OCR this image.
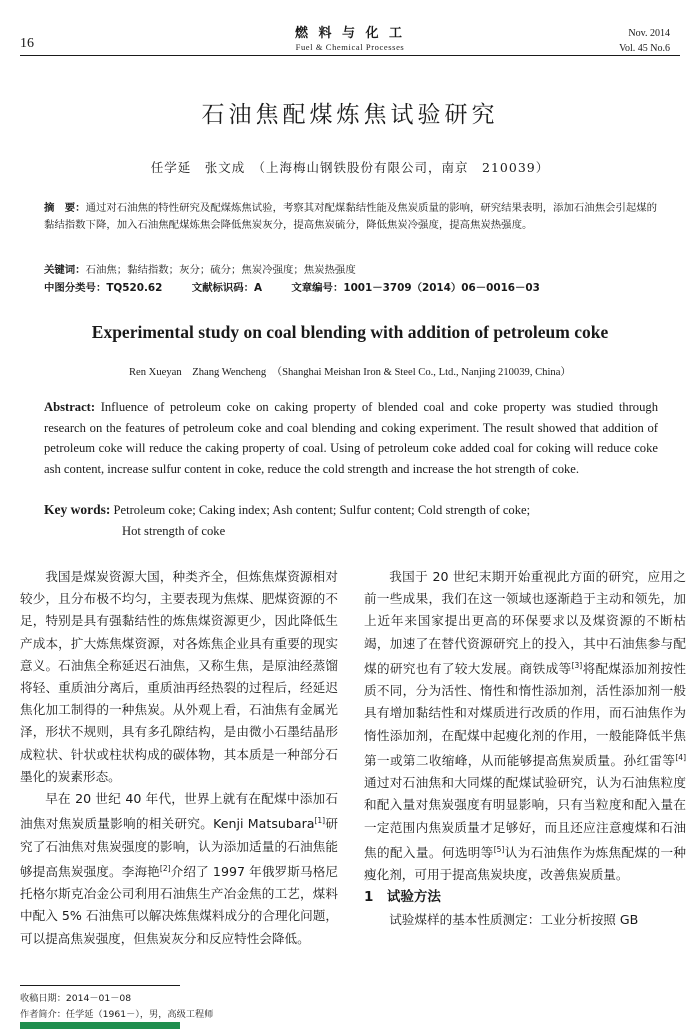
16
燃 料 与 化 工
Fuel & Chemical Processes
Nov. 2014
Vol. 45 No.6
石油焦配煤炼焦试验研究
任学延　张文成　（上海梅山钢铁股份有限公司，南京　210039）
摘　要：通过对石油焦的特性研究及配煤炼焦试验，考察其对配煤黏结性能及焦炭质量的影响，研究结果表明，添加石油焦会引起煤的黏结指数下降，加入石油焦配煤炼焦会降低焦炭灰分，提高焦炭硫分，降低焦炭冷强度，提高焦炭热强度。
关键词：石油焦；黏结指数；灰分；硫分；焦炭冷强度；焦炭热强度
中图分类号：TQ520.62	文献标识码：A	文章编号：1001－3709（2014）06－0016－03
Experimental study on coal blending with addition of petroleum coke
Ren Xueyan　Zhang Wencheng　（Shanghai Meishan Iron & Steel Co., Ltd., Nanjing 210039, China）
Abstract: Influence of petroleum coke on caking property of blended coal and coke property was studied through research on the features of petroleum coke and coal blending and coking experiment. The result showed that addition of petroleum coke will reduce the caking property of coal. Using of petroleum coke added coal for coking will reduce coke ash content, increase sulfur content in coke, reduce the cold strength and increase the hot strength of coke.
Key words: Petroleum coke; Caking index; Ash content; Sulfur content; Cold strength of coke;
Hot strength of coke

我国是煤炭资源大国，种类齐全，但炼焦煤资源相对较少，且分布极不均匀，主要表现为焦煤、肥煤资源的不足，特别是具有强黏结性的炼焦煤资源更少，因此降低生产成本，扩大炼焦煤资源，对各炼焦企业具有重要的现实意义。石油焦全称延迟石油焦，又称生焦，是原油经蒸馏将轻、重质油分离后，重质油再经热裂的过程后，经延迟焦化加工制得的一种焦炭。从外观上看，石油焦有金属光泽，形状不规则，具有多孔隙结构，是由微小石墨结晶形成粒状、针状或柱状构成的碳体物，其本质是一种部分石墨化的炭素形态。

早在 20 世纪 40 年代，世界上就有在配煤中添加石油焦对焦炭质量影响的相关研究。Kenji Matsubara[1]研究了石油焦对焦炭强度的影响，认为添加适量的石油焦能够提高焦炭强度。李海艳[2]介绍了 1997 年俄罗斯马格尼托格尔斯克冶金公司利用石油焦生产冶金焦的工艺，煤料中配入 5% 石油焦可以解决炼焦煤料成分的合理化问题，可以提高焦炭强度，但焦炭灰分和反应特性会降低。

我国于 20 世纪末期开始重视此方面的研究，应用之前一些成果，我们在这一领域也逐渐趋于主动和领先，加上近年来国家提出更高的环保要求以及煤资源的不断枯竭，加速了在替代资源研究上的投入，其中石油焦参与配煤的研究也有了较大发展。商铁成等[3]将配煤添加剂按性质不同，分为活性、惰性和惰性添加剂，活性添加剂一般具有增加黏结性和对煤质进行改质的作用，而石油焦作为惰性添加剂，在配煤中起瘦化剂的作用，一般能降低半焦第一或第二收缩峰，从而能够提高焦炭质量。孙红雷等[4]通过对石油焦和大同煤的配煤试验研究，认为石油焦粒度和配入量对焦炭强度有明显影响，只有当粒度和配入量在一定范围内焦炭质量才足够好，而且还应注意瘦煤和石油焦的配入量。何选明等[5]认为石油焦作为炼焦配煤的一种瘦化剂，可用于提高焦炭块度，改善焦炭质量。

1　试验方法

试验煤样的基本性质测定：工业分析按照 GB

收稿日期：2014－01－08
作者简介：任学延（1961－），男，高级工程师
